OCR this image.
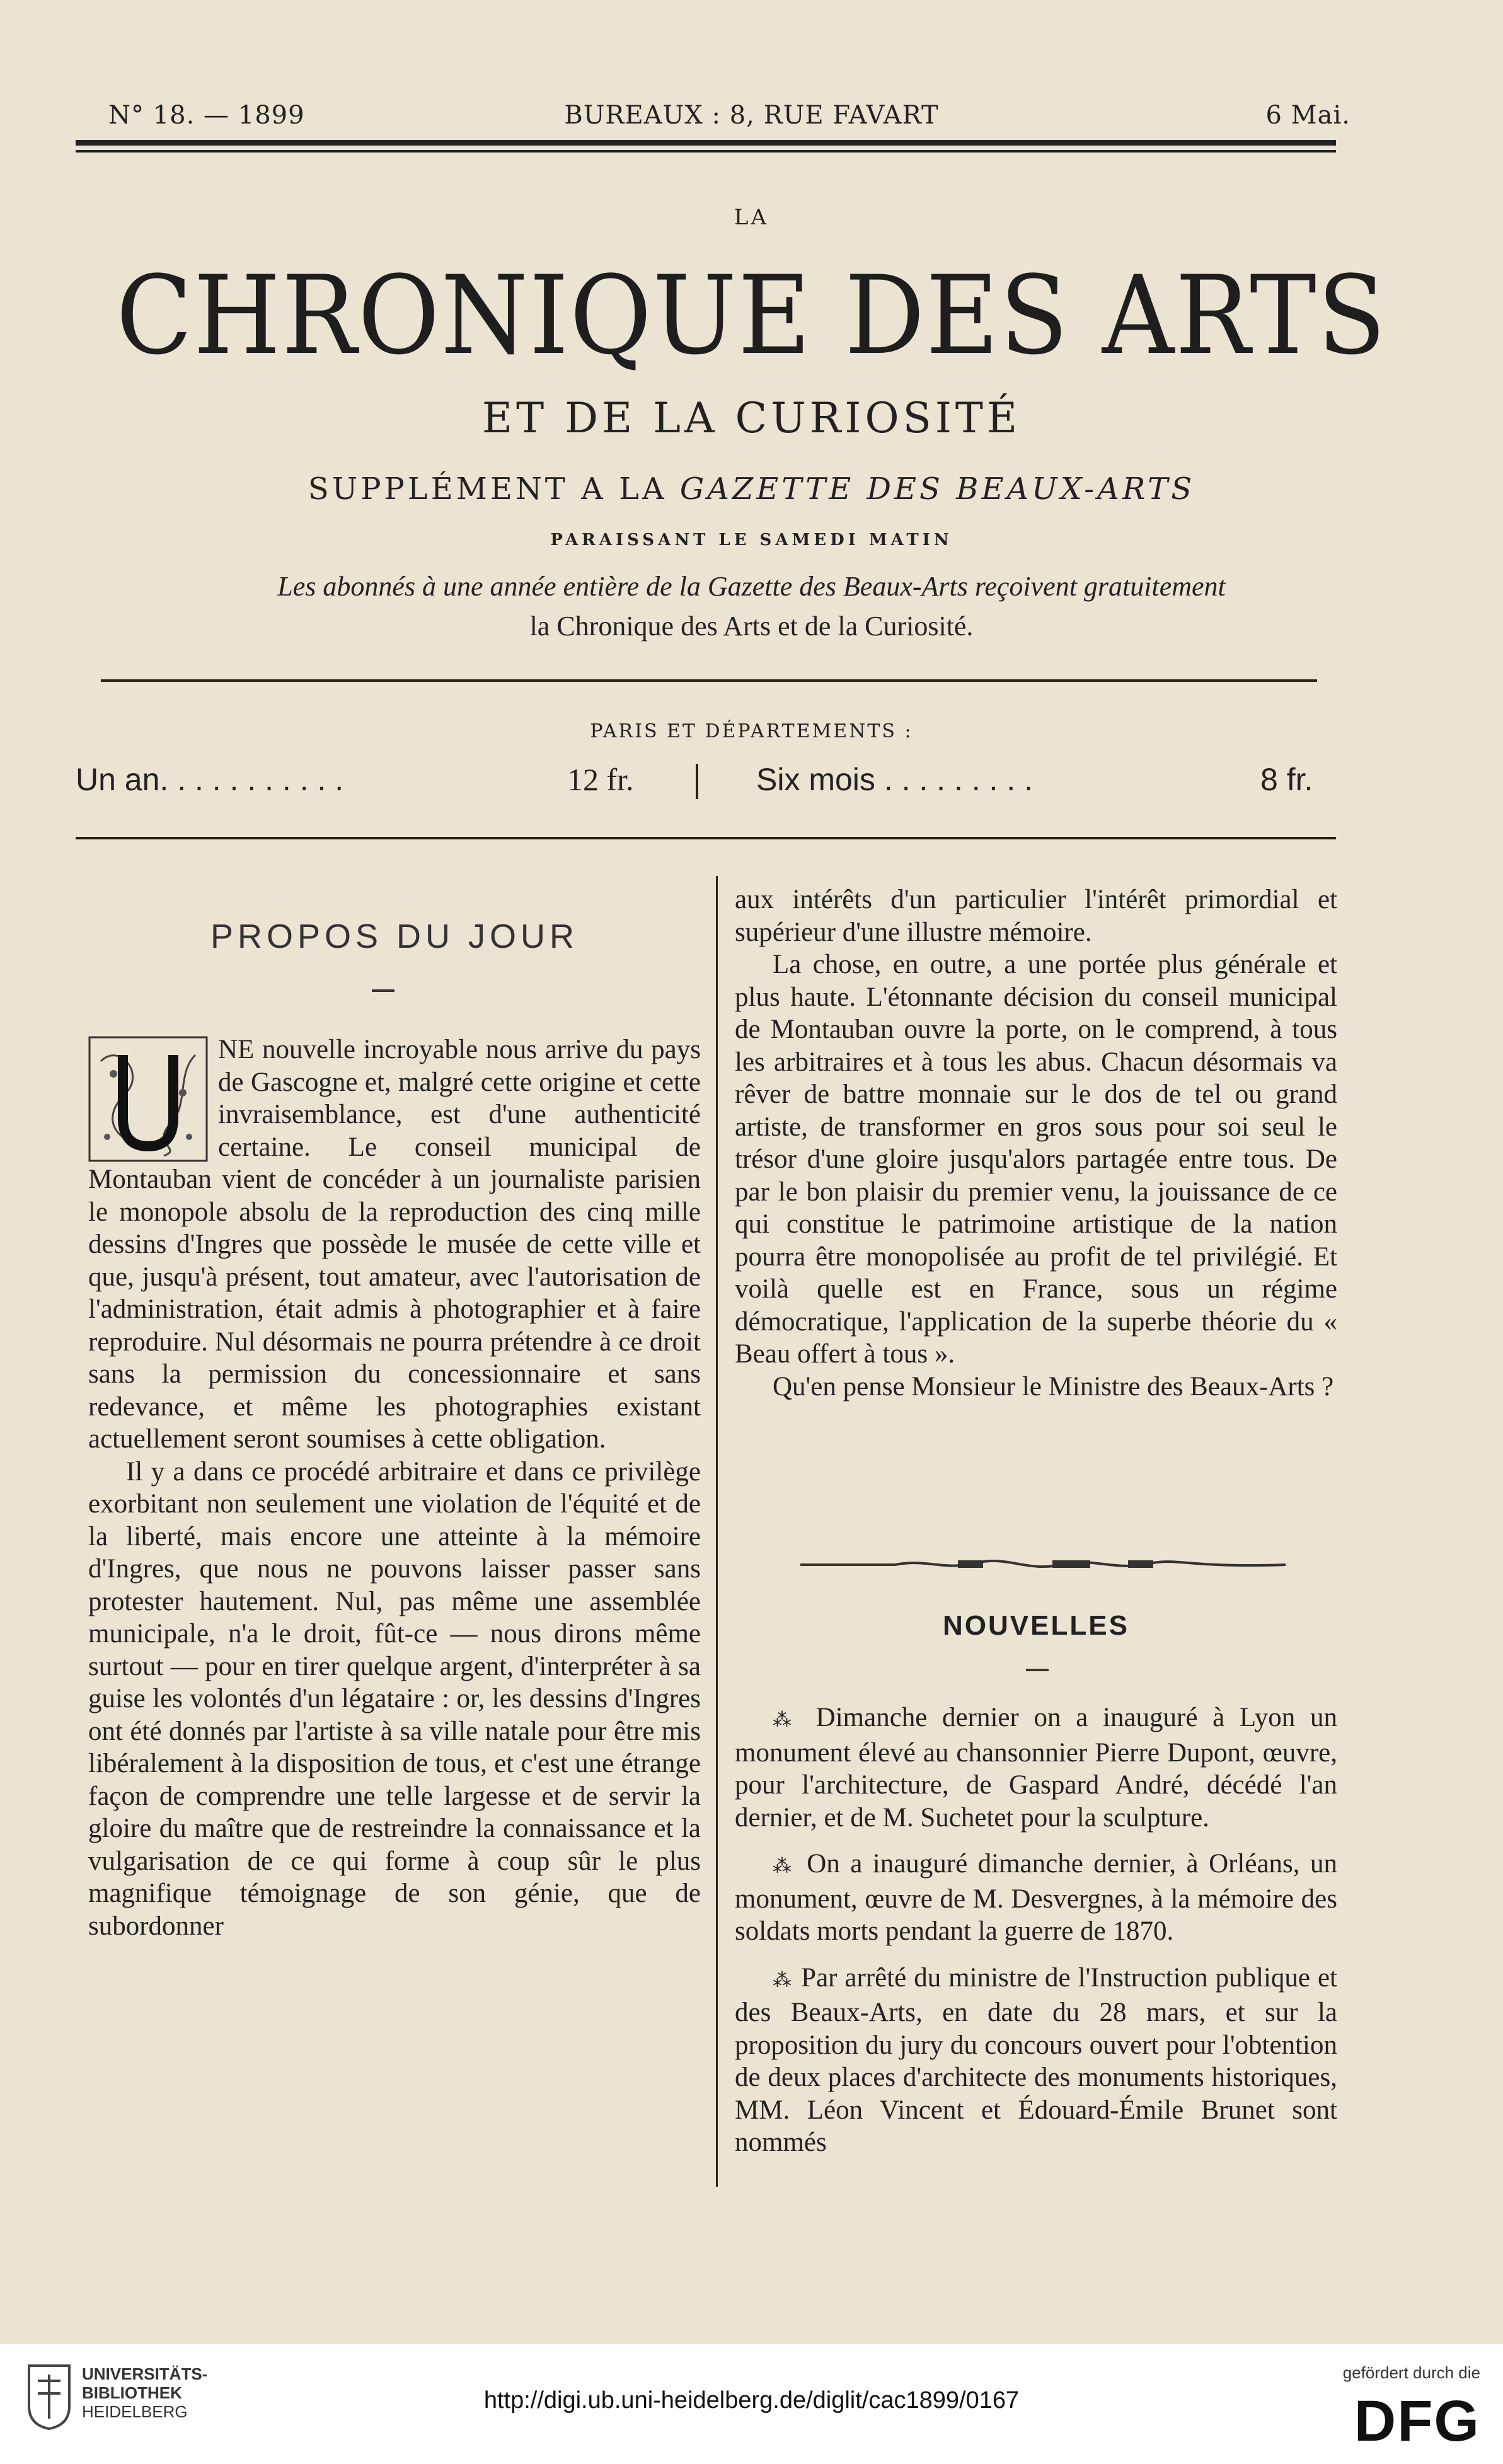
N° 18. — 1899	BUREAUX : 8, RUE FAVART	6 Mai.
LA
CHRONIQUE DES ARTS
ET DE LA CURIOSITÉ
SUPPLÉMENT A LA GAZETTE DES BEAUX-ARTS
PARAISSANT LE SAMEDI MATIN
Les abonnés à une année entière de la Gazette des Beaux-Arts reçoivent gratuitement
la Chronique des Arts et de la Curiosité.
PARIS ET DÉPARTEMENTS :
Un an. . . . . . . . . . .	12 fr.	Six mois . . . . . . . . .	8 fr.
PROPOS DU JOUR

NE nouvelle incroyable nous arrive du pays de Gascogne et, malgré cette origine et cette invraisemblance, est d'une authenticité certaine. Le conseil municipal de Montauban vient de concéder à un journaliste parisien le monopole absolu de la reproduction des cinq mille dessins d'Ingres que possède le musée de cette ville et que, jusqu'à présent, tout amateur, avec l'autorisation de l'administration, était admis à photographier et à faire reproduire. Nul désormais ne pourra prétendre à ce droit sans la permission du concessionnaire et sans redevance, et même les photographies existant actuellement seront soumises à cette obligation.

Il y a dans ce procédé arbitraire et dans ce privilège exorbitant non seulement une violation de l'équité et de la liberté, mais encore une atteinte à la mémoire d'Ingres, que nous ne pouvons laisser passer sans protester hautement. Nul, pas même une assemblée municipale, n'a le droit, fût-ce — nous dirons même surtout — pour en tirer quelque argent, d'interpréter à sa guise les volontés d'un légataire : or, les dessins d'Ingres ont été donnés par l'artiste à sa ville natale pour être mis libéralement à la disposition de tous, et c'est une étrange façon de comprendre une telle largesse et de servir la gloire du maître que de restreindre la connaissance et la vulgarisation de ce qui forme à coup sûr le plus magnifique témoignage de son génie, que de subordonner

aux intérêts d'un particulier l'intérêt primordial et supérieur d'une illustre mémoire.

La chose, en outre, a une portée plus générale et plus haute. L'étonnante décision du conseil municipal de Montauban ouvre la porte, on le comprend, à tous les arbitraires et à tous les abus. Chacun désormais va rêver de battre monnaie sur le dos de tel ou grand artiste, de transformer en gros sous pour soi seul le trésor d'une gloire jusqu'alors partagée entre tous. De par le bon plaisir du premier venu, la jouissance de ce qui constitue le patrimoine artistique de la nation pourra être monopolisée au profit de tel privilégié. Et voilà quelle est en France, sous un régime démocratique, l'application de la superbe théorie du « Beau offert à tous ».

Qu'en pense Monsieur le Ministre des Beaux-Arts ?

NOUVELLES

⁂ Dimanche dernier on a inauguré à Lyon un monument élevé au chansonnier Pierre Dupont, œuvre, pour l'architecture, de Gaspard André, décédé l'an dernier, et de M. Suchetet pour la sculpture.

⁂ On a inauguré dimanche dernier, à Orléans, un monument, œuvre de M. Desvergnes, à la mémoire des soldats morts pendant la guerre de 1870.

⁂ Par arrêté du ministre de l'Instruction publique et des Beaux-Arts, en date du 28 mars, et sur la proposition du jury du concours ouvert pour l'obtention de deux places d'architecte des monuments historiques, MM. Léon Vincent et Édouard-Émile Brunet sont nommés

UNIVERSITÄTS-
BIBLIOTHEK
HEIDELBERG	http://digi.ub.uni-heidelberg.de/diglit/cac1899/0167
gefördert durch die
DFG
